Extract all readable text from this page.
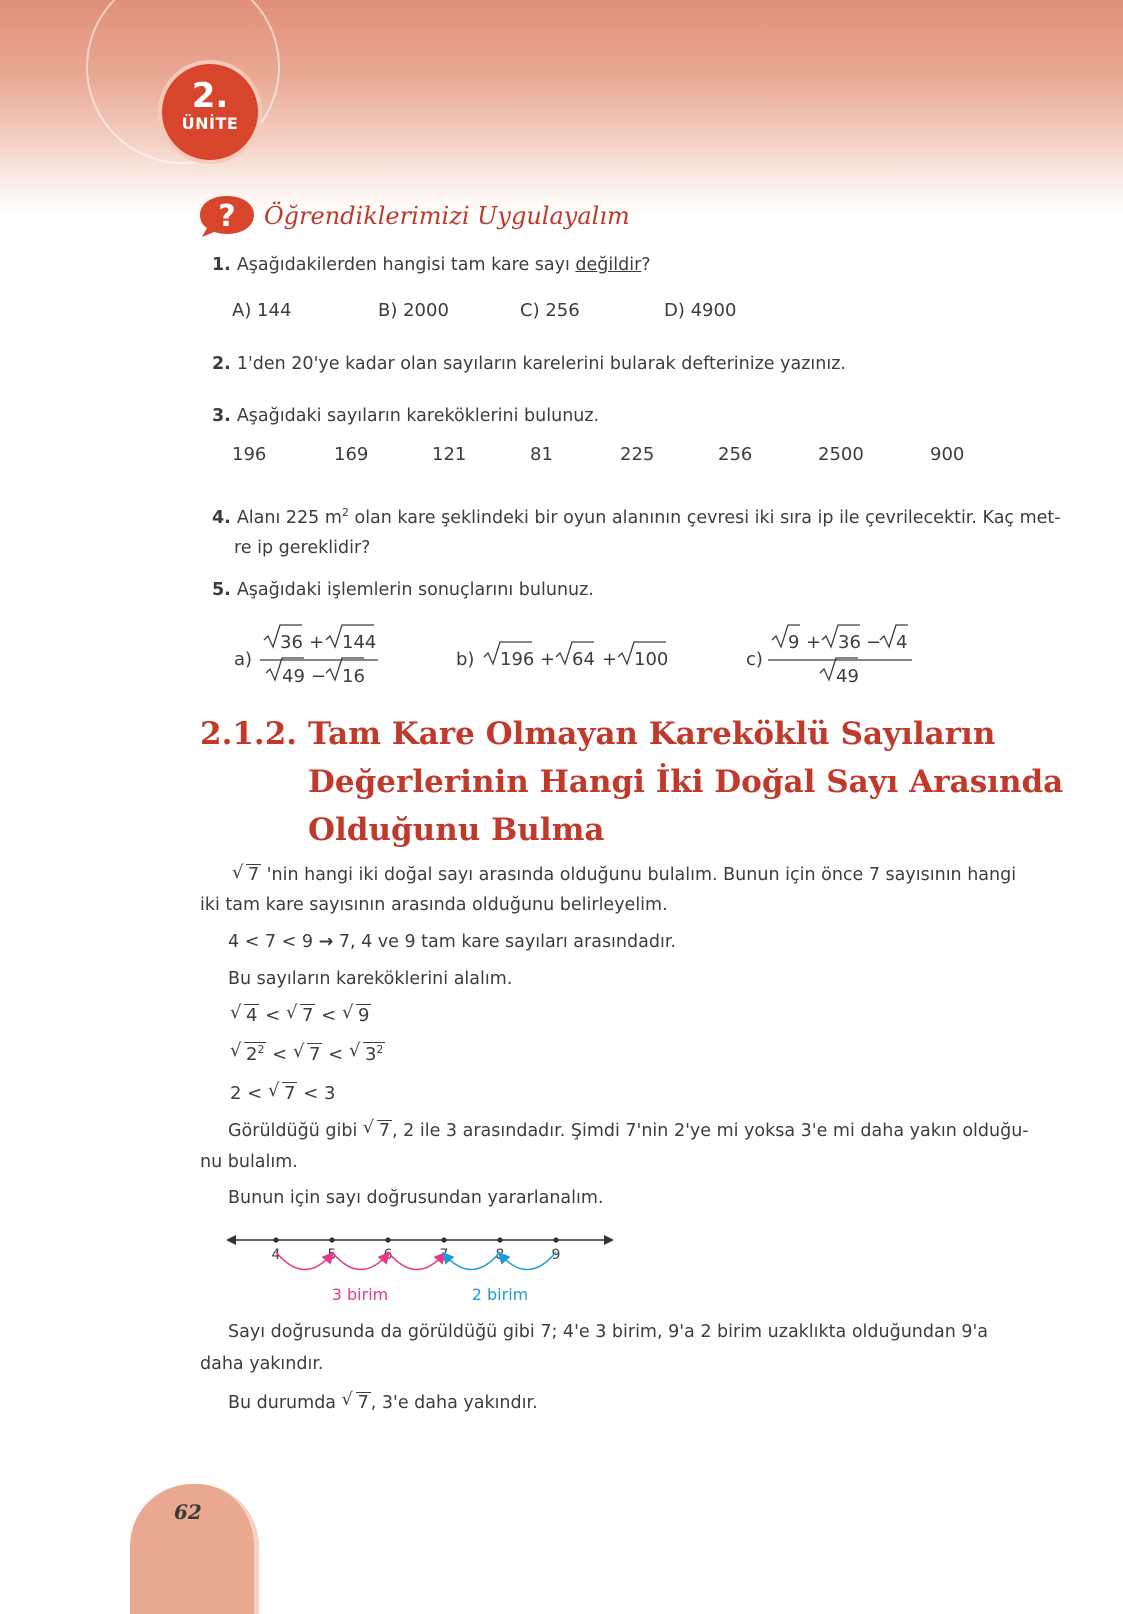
2.
ÜNİTE
? Öğrendiklerimizi Uygulayalım
1. Aşağıdakilerden hangisi tam kare sayı değildir?
A) 144	B) 2000	C) 256	D) 4900
2. 1'den 20'ye kadar olan sayıların karelerini bularak defterinize yazınız.
3. Aşağıdaki sayıların kareköklerini bulunuz.
196	169	121	81	225	256	2500	900
4. Alanı 225 $m^2$ olan kare şeklindeki bir oyun alanının çevresi iki sıra ip ile çevrilecektir. Kaç met-
re ip gereklidir?
5. Aşağıdaki işlemlerin sonuçlarını bulunuz.
a)
36 + 144
49 − 16
b) 196 + 64 + 100	c)
9 + 36 − 4
49
2.1.2. Tam Kare Olmayan Kareköklü Sayıların
Değerlerinin Hangi İki Doğal Sayı Arasında
Olduğunu Bulma
√ 7 'nin hangi iki doğal sayı arasında olduğunu bulalım. Bunun için önce 7 sayısının hangi
iki tam kare sayısının arasında olduğunu belirleyelim.
4 < 7 < 9 → 7, 4 ve 9 tam kare sayıları arasındadır.
Bu sayıların kareköklerini alalım.
√ 4 < √ 7 < √ 9
√ $2^2$ < √ 7 < √ $3^2$
2 < √ 7 < 3
Görüldüğü gibi √ 7 , 2 ile 3 arasındadır. Şimdi 7'nin 2'ye mi yoksa 3'e mi daha yakın olduğu-
nu bulalım.
Bunun için sayı doğrusundan yararlanalım.
4	5	6	7	8	9
3 birim	2 birim
Sayı doğrusunda da görüldüğü gibi 7; 4'e 3 birim, 9'a 2 birim uzaklıkta olduğundan 9'a
daha yakındır.
Bu durumda √ 7 , 3'e daha yakındır.
62
